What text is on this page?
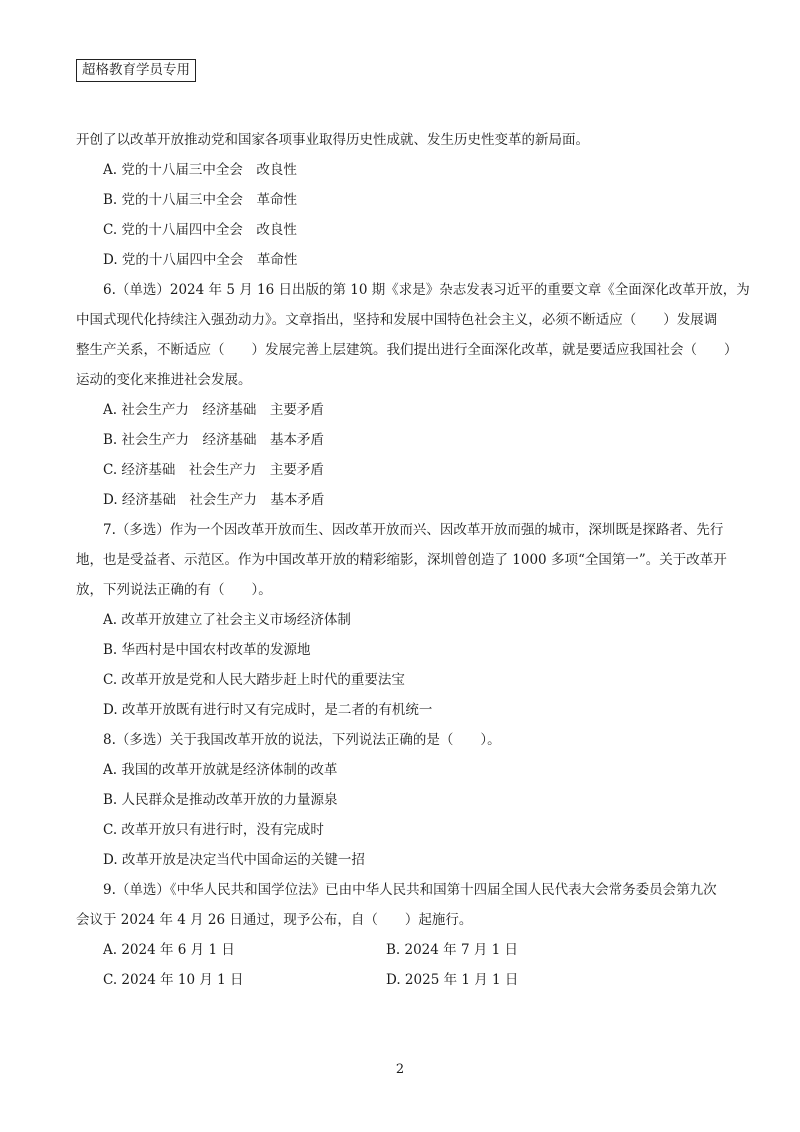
超格教育学员专用
开创了以改革开放推动党和国家各项事业取得历史性成就、发生历史性变革的新局面。
A. 党的十八届三中全会　改良性
B. 党的十八届三中全会　革命性
C. 党的十八届四中全会　改良性
D. 党的十八届四中全会　革命性
6.（单选）2024 年 5 月 16 日出版的第 10 期《求是》杂志发表习近平的重要文章《全面深化改革开放，为
中国式现代化持续注入强劲动力》。文章指出，坚持和发展中国特色社会主义，必须不断适应（　　）发展调
整生产关系，不断适应（　　）发展完善上层建筑。我们提出进行全面深化改革，就是要适应我国社会（　　）
运动的变化来推进社会发展。
A. 社会生产力　经济基础　主要矛盾
B. 社会生产力　经济基础　基本矛盾
C. 经济基础　社会生产力　主要矛盾
D. 经济基础　社会生产力　基本矛盾
7.（多选）作为一个因改革开放而生、因改革开放而兴、因改革开放而强的城市，深圳既是探路者、先行
地，也是受益者、示范区。作为中国改革开放的精彩缩影，深圳曾创造了 1000 多项“全国第一”。关于改革开
放，下列说法正确的有（　　）。
A. 改革开放建立了社会主义市场经济体制
B. 华西村是中国农村改革的发源地
C. 改革开放是党和人民大踏步赶上时代的重要法宝
D. 改革开放既有进行时又有完成时，是二者的有机统一
8.（多选）关于我国改革开放的说法，下列说法正确的是（　　）。
A. 我国的改革开放就是经济体制的改革
B. 人民群众是推动改革开放的力量源泉
C. 改革开放只有进行时，没有完成时
D. 改革开放是决定当代中国命运的关键一招
9.（单选）《中华人民共和国学位法》已由中华人民共和国第十四届全国人民代表大会常务委员会第九次
会议于 2024 年 4 月 26 日通过，现予公布，自（　　）起施行。
A. 2024 年 6 月 1 日	B. 2024 年 7 月 1 日
C. 2024 年 10 月 1 日	D. 2025 年 1 月 1 日
2
